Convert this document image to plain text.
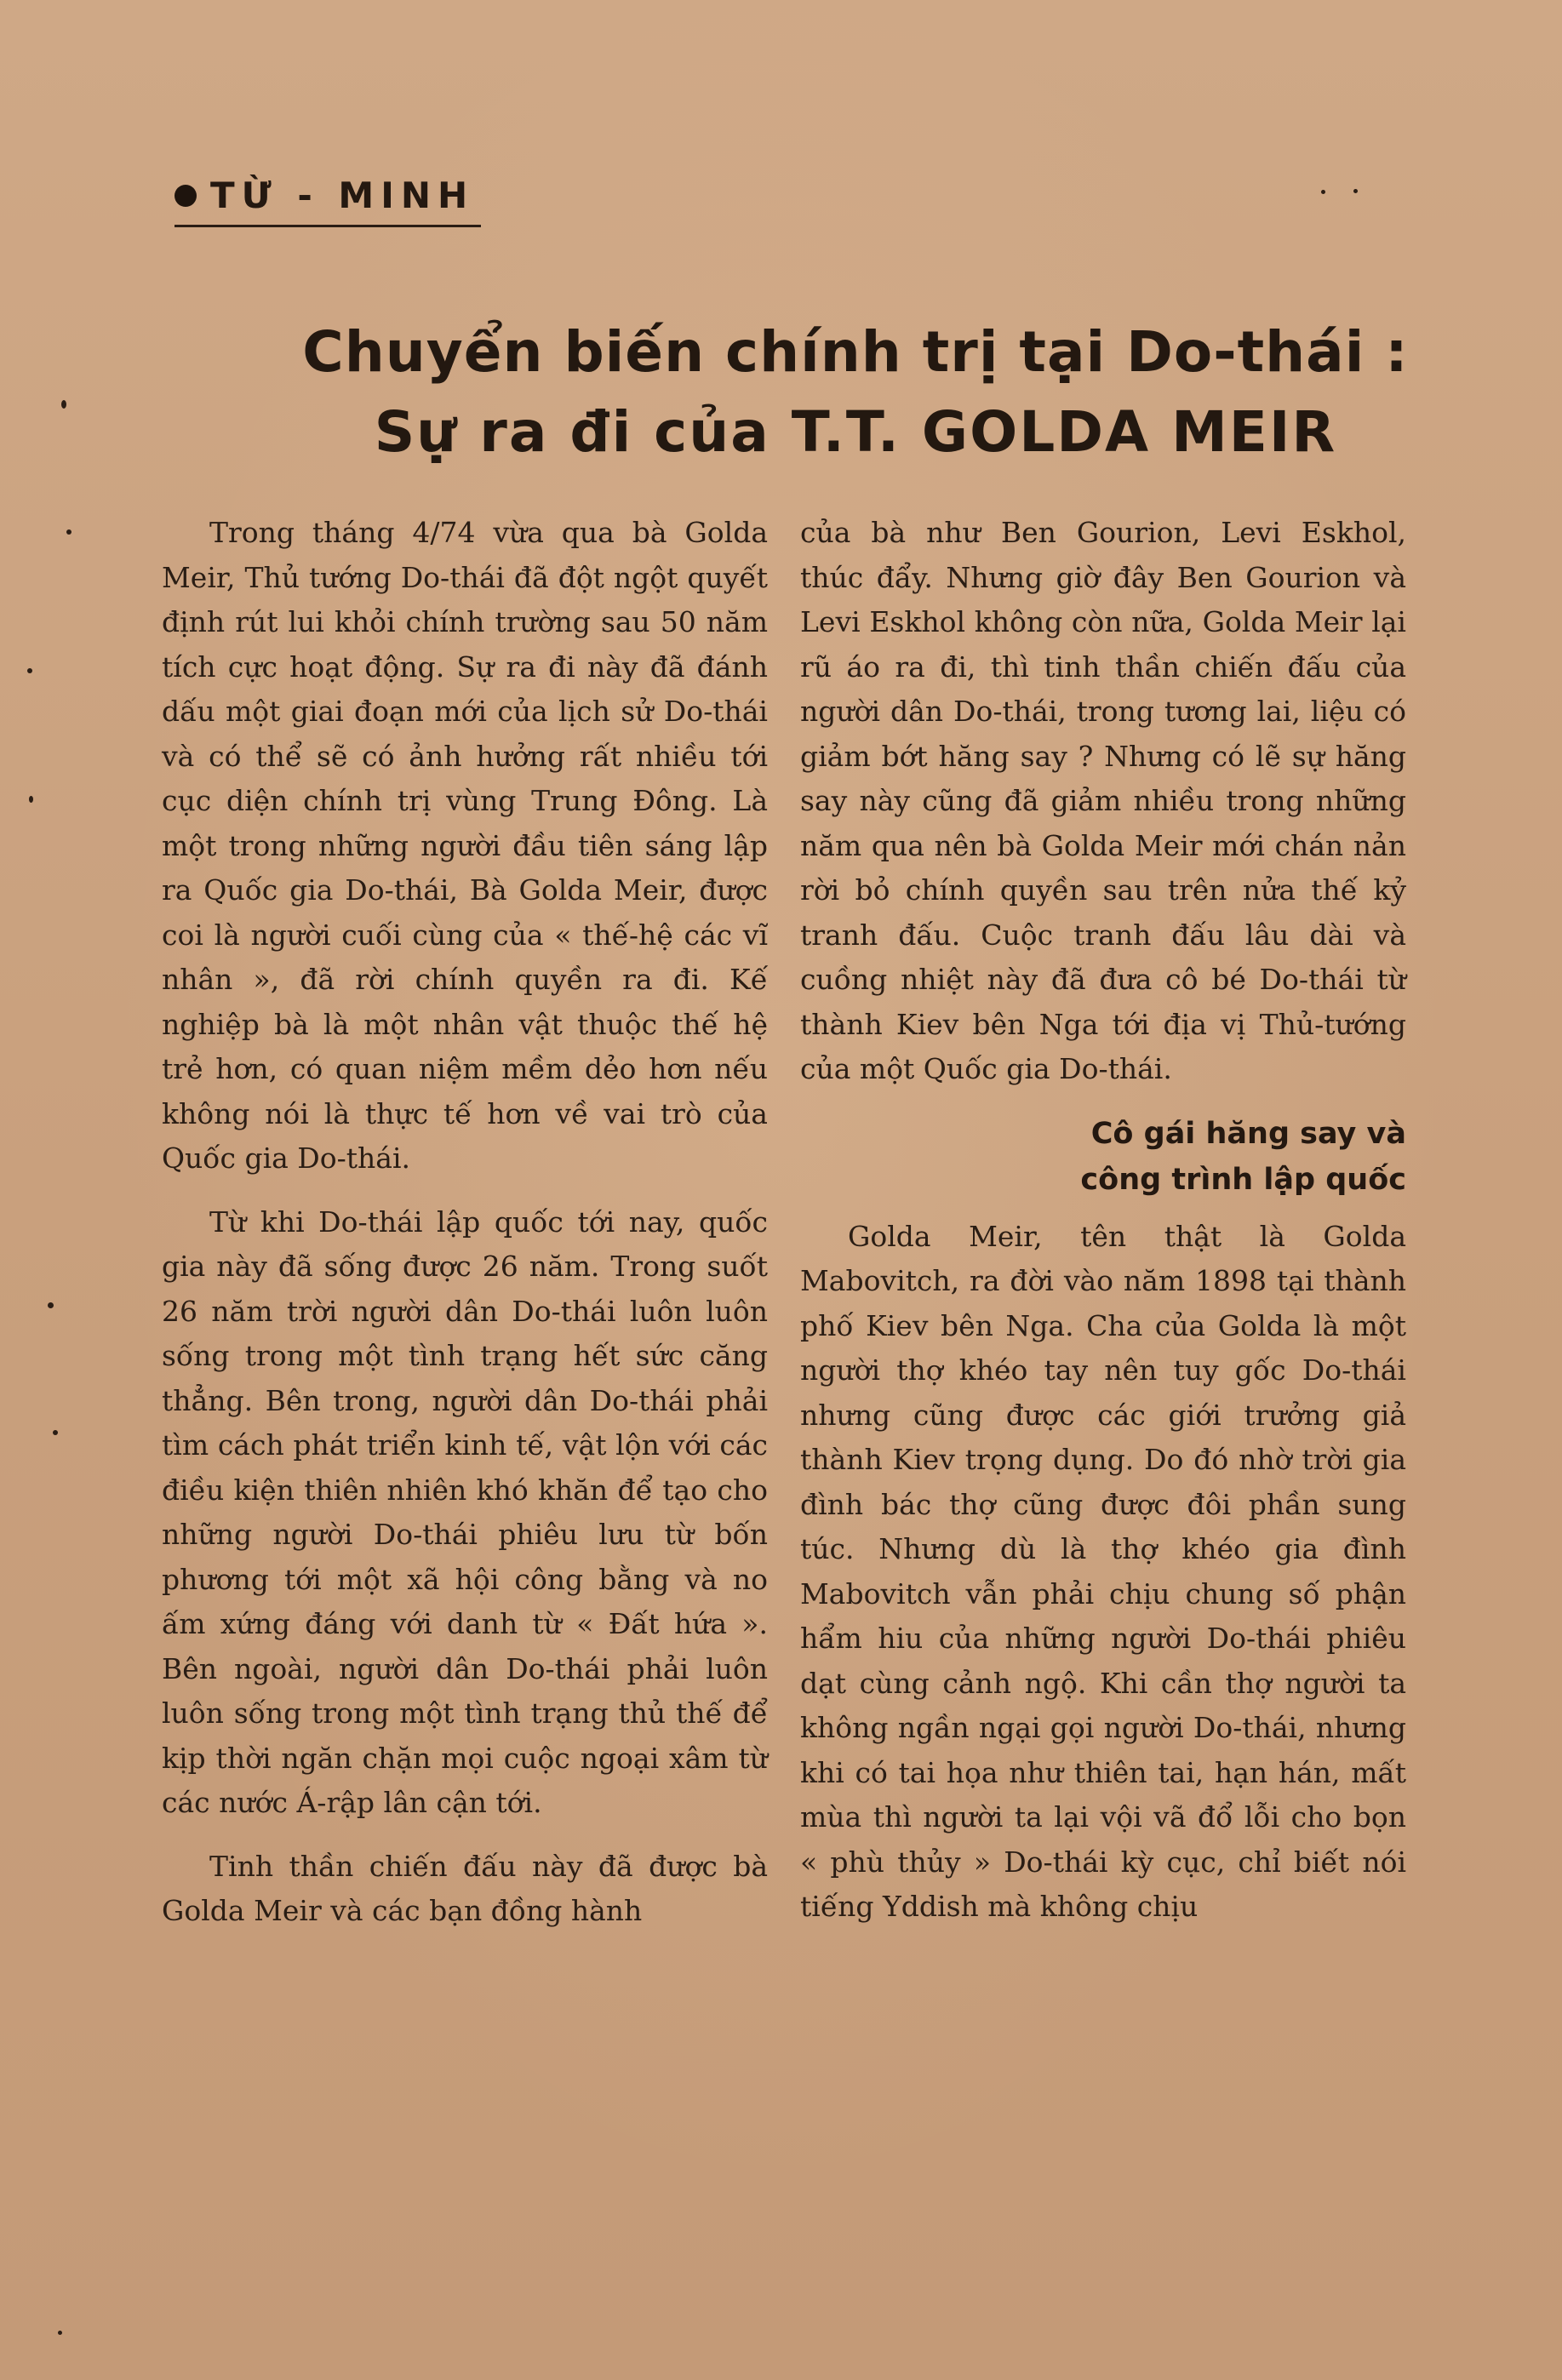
TỪ - MINH
Chuyển biến chính trị tại Do-thái :
Sự ra đi của T.T. GOLDA MEIR

Trong tháng 4/74 vừa qua bà Golda Meir, Thủ tướng Do-thái đã đột ngột quyết định rút lui khỏi chính trường sau 50 năm tích cực hoạt động. Sự ra đi này đã đánh dấu một giai đoạn mới của lịch sử Do-thái và có thể sẽ có ảnh hưởng rất nhiều tới cục diện chính trị vùng Trung Đông. Là một trong những người đầu tiên sáng lập ra Quốc gia Do-thái, Bà Golda Meir, được coi là người cuối cùng của « thế-hệ các vĩ nhân », đã rời chính quyền ra đi. Kế nghiệp bà là một nhân vật thuộc thế hệ trẻ hơn, có quan niệm mềm dẻo hơn nếu không nói là thực tế hơn về vai trò của Quốc gia Do-thái.

Từ khi Do-thái lập quốc tới nay, quốc gia này đã sống được 26 năm. Trong suốt 26 năm trời người dân Do-thái luôn luôn sống trong một tình trạng hết sức căng thẳng. Bên trong, người dân Do-thái phải tìm cách phát triển kinh tế, vật lộn với các điều kiện thiên nhiên khó khăn để tạo cho những người Do-thái phiêu lưu từ bốn phương tới một xã hội công bằng và no ấm xứng đáng với danh từ « Đất hứa ». Bên ngoài, người dân Do-thái phải luôn luôn sống trong một tình trạng thủ thế để kịp thời ngăn chặn mọi cuộc ngoại xâm từ các nước Á-rập lân cận tới.

Tinh thần chiến đấu này đã được bà Golda Meir và các bạn đồng hành

của bà như Ben Gourion, Levi Eskhol, thúc đẩy. Nhưng giờ đây Ben Gourion và Levi Eskhol không còn nữa, Golda Meir lại rũ áo ra đi, thì tinh thần chiến đấu của người dân Do-thái, trong tương lai, liệu có giảm bớt hăng say ? Nhưng có lẽ sự hăng say này cũng đã giảm nhiều trong những năm qua nên bà Golda Meir mới chán nản rời bỏ chính quyền sau trên nửa thế kỷ tranh đấu. Cuộc tranh đấu lâu dài và cuồng nhiệt này đã đưa cô bé Do-thái từ thành Kiev bên Nga tới địa vị Thủ-tướng của một Quốc gia Do-thái.

Cô gái hăng say và
công trình lập quốc

Golda Meir, tên thật là Golda Mabovitch, ra đời vào năm 1898 tại thành phố Kiev bên Nga. Cha của Golda là một người thợ khéo tay nên tuy gốc Do-thái nhưng cũng được các giới trưởng giả thành Kiev trọng dụng. Do đó nhờ trời gia đình bác thợ cũng được đôi phần sung túc. Nhưng dù là thợ khéo gia đình Mabovitch vẫn phải chịu chung số phận hẩm hiu của những người Do-thái phiêu dạt cùng cảnh ngộ. Khi cần thợ người ta không ngần ngại gọi người Do-thái, nhưng khi có tai họa như thiên tai, hạn hán, mất mùa thì người ta lại vội vã đổ lỗi cho bọn « phù thủy » Do-thái kỳ cục, chỉ biết nói tiếng Yddish mà không chịu
